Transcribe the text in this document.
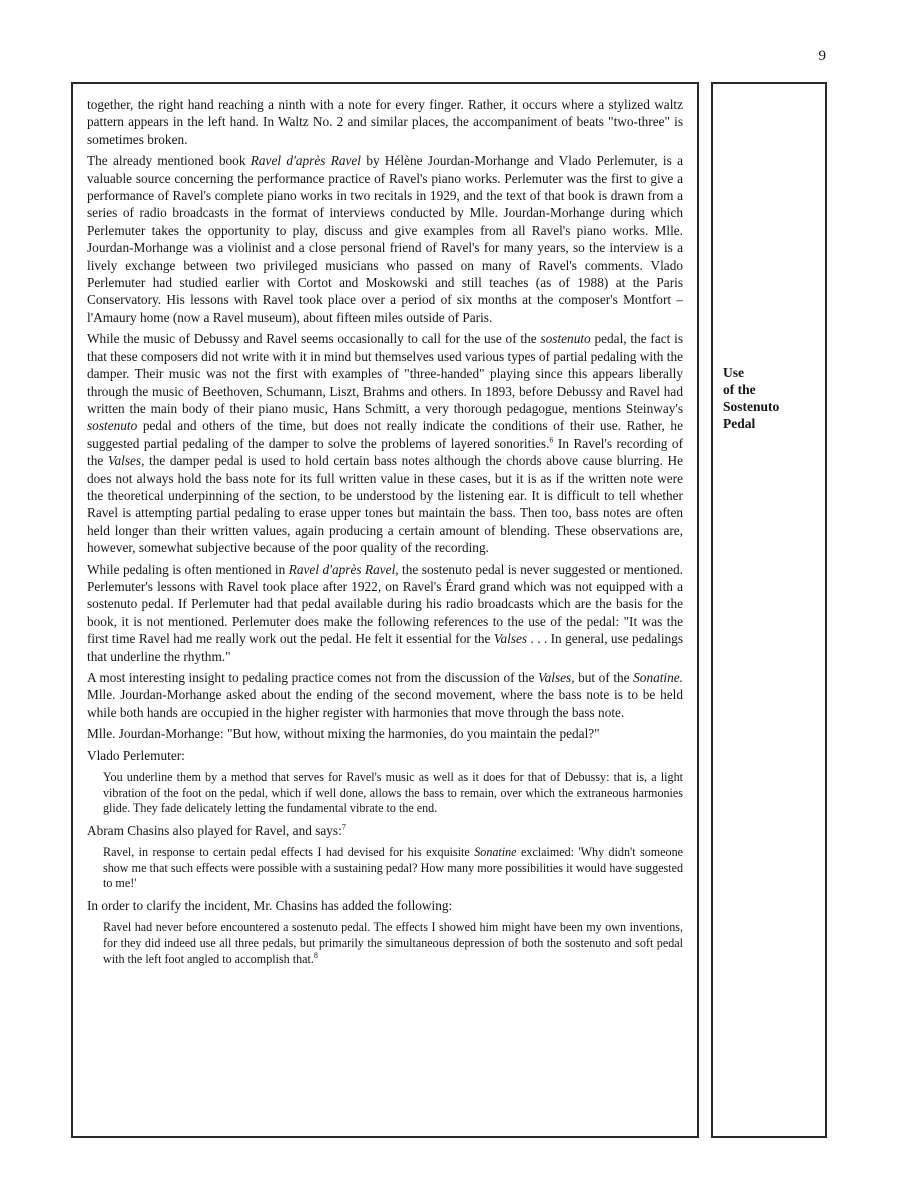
9

together, the right hand reaching a ninth with a note for every finger. Rather, it occurs where a stylized waltz pattern appears in the left hand. In Waltz No. 2 and similar places, the accompaniment of beats "two-three" is sometimes broken.

The already mentioned book Ravel d'après Ravel by Hélène Jourdan-Morhange and Vlado Perlemuter, is a valuable source concerning the performance practice of Ravel's piano works. Perlemuter was the first to give a performance of Ravel's complete piano works in two recitals in 1929, and the text of that book is drawn from a series of radio broadcasts in the format of interviews conducted by Mlle. Jourdan-Morhange during which Perlemuter takes the opportunity to play, discuss and give examples from all Ravel's piano works. Mlle. Jourdan-Morhange was a violinist and a close personal friend of Ravel's for many years, so the interview is a lively exchange between two privileged musicians who passed on many of Ravel's comments. Vlado Perlemuter had studied earlier with Cortot and Moskowski and still teaches (as of 1988) at the Paris Conservatory. His lessons with Ravel took place over a period of six months at the composer's Montfort – l'Amaury home (now a Ravel museum), about fifteen miles outside of Paris.

While the music of Debussy and Ravel seems occasionally to call for the use of the sostenuto pedal, the fact is that these composers did not write with it in mind but themselves used various types of partial pedaling with the damper. Their music was not the first with examples of "three-handed" playing since this appears liberally through the music of Beethoven, Schumann, Liszt, Brahms and others. In 1893, before Debussy and Ravel had written the main body of their piano music, Hans Schmitt, a very thorough pedagogue, mentions Steinway's sostenuto pedal and others of the time, but does not really indicate the conditions of their use. Rather, he suggested partial pedaling of the damper to solve the problems of layered sonorities.$^6$ In Ravel's recording of the Valses, the damper pedal is used to hold certain bass notes although the chords above cause blurring. He does not always hold the bass note for its full written value in these cases, but it is as if the written note were the theoretical underpinning of the section, to be understood by the listening ear. It is difficult to tell whether Ravel is attempting partial pedaling to erase upper tones but maintain the bass. Then too, bass notes are often held longer than their written values, again producing a certain amount of blending. These observations are, however, somewhat subjective because of the poor quality of the recording.

While pedaling is often mentioned in Ravel d'après Ravel, the sostenuto pedal is never suggested or mentioned. Perlemuter's lessons with Ravel took place after 1922, on Ravel's Érard grand which was not equipped with a sostenuto pedal. If Perlemuter had that pedal available during his radio broadcasts which are the basis for the book, it is not mentioned. Perlemuter does make the following references to the use of the pedal: "It was the first time Ravel had me really work out the pedal. He felt it essential for the Valses . . . In general, use pedalings that underline the rhythm."

A most interesting insight to pedaling practice comes not from the discussion of the Valses, but of the Sonatine. Mlle. Jourdan-Morhange asked about the ending of the second movement, where the bass note is to be held while both hands are occupied in the higher register with harmonies that move through the bass note.

Mlle. Jourdan-Morhange: "But how, without mixing the harmonies, do you maintain the pedal?"

Vlado Perlemuter:

You underline them by a method that serves for Ravel's music as well as it does for that of Debussy: that is, a light vibration of the foot on the pedal, which if well done, allows the bass to remain, over which the extraneous harmonies glide. They fade delicately letting the fundamental vibrate to the end.

Abram Chasins also played for Ravel, and says:$^7$

Ravel, in response to certain pedal effects I had devised for his exquisite Sonatine exclaimed: 'Why didn't someone show me that such effects were possible with a sustaining pedal? How many more possibilities it would have suggested to me!'

In order to clarify the incident, Mr. Chasins has added the following:

Ravel had never before encountered a sostenuto pedal. The effects I showed him might have been my own inventions, for they did indeed use all three pedals, but primarily the simultaneous depression of both the sostenuto and soft pedal with the left foot angled to accomplish that.$^8$

Use
of the
Sostenuto
Pedal
